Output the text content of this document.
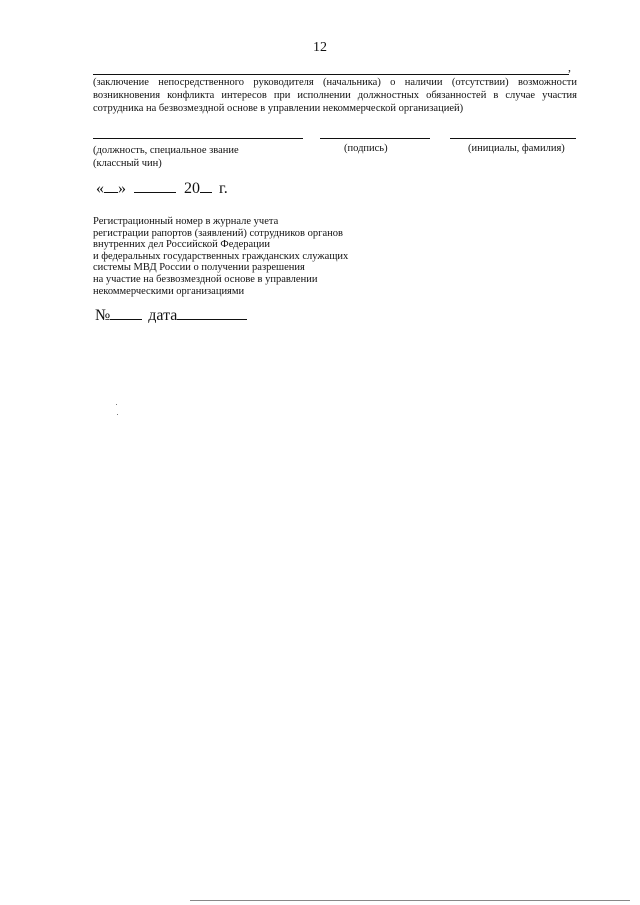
12
,
(заключение непосредственного руководителя (начальника) о наличии (отсутствии) возможности возникновения конфликта интересов при исполнении должностных обязанностей в случае участия сотрудника на безвозмездной основе в управлении некоммерческой организацией)
(должность, специальное звание
(классный чин)
(подпись)	(инициалы, фамилия)
« »	20 г.
Регистрационный номер в журнале учета
регистрации рапортов (заявлений) сотрудников органов
внутренних дел Российской Федерации
и федеральных государственных гражданских служащих
системы МВД России о получении разрешения
на участие на безвозмездной основе в управлении
некоммерческими организациями
№ дата
